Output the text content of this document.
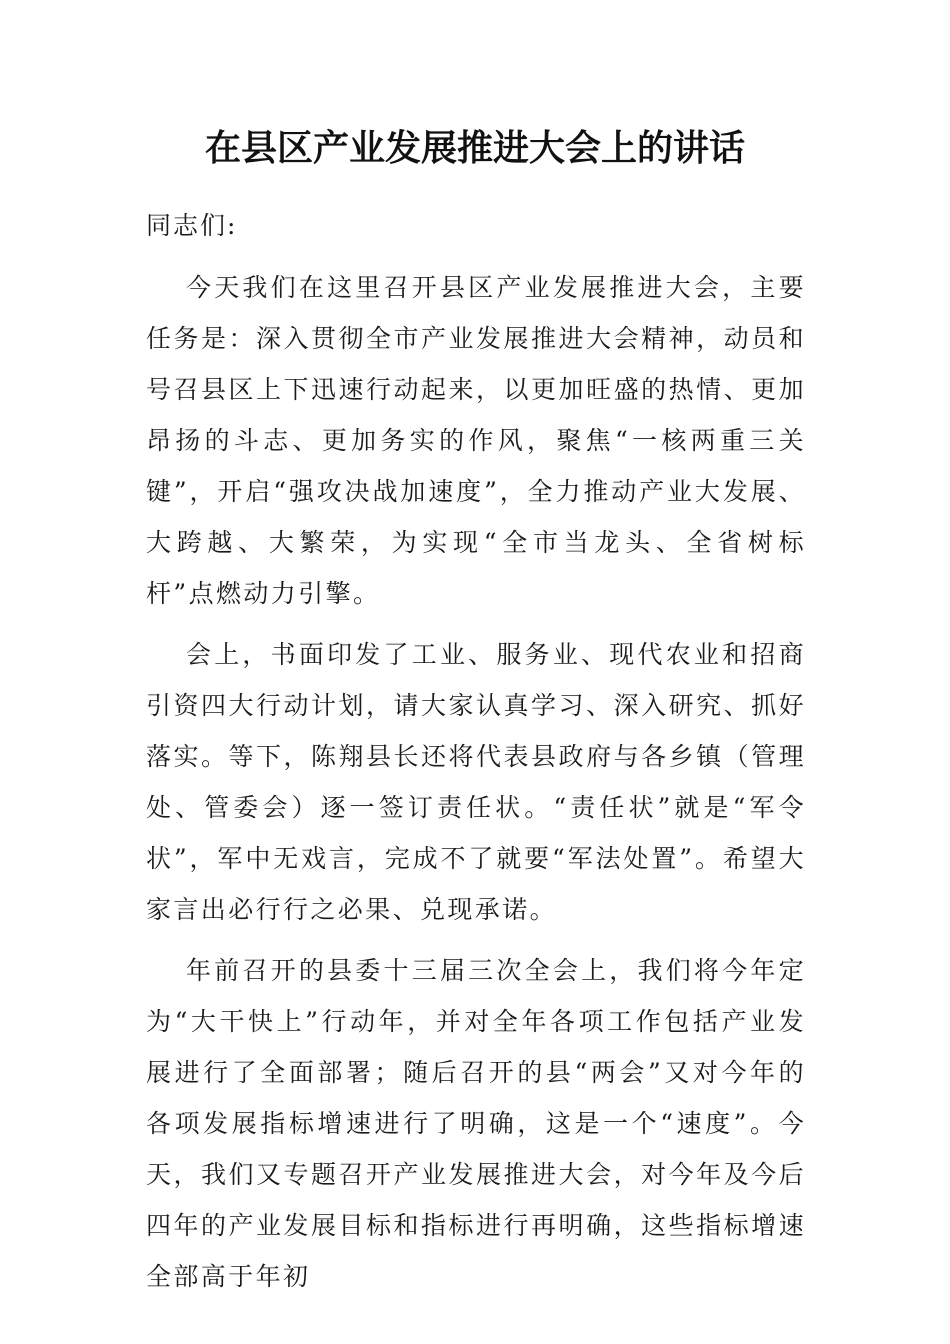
在县区产业发展推进大会上的讲话

同志们:

今天我们在这里召开县区产业发展推进大会，主要任务是：深入贯彻全市产业发展推进大会精神，动员和号召县区上下迅速行动起来，以更加旺盛的热情、更加昂扬的斗志、更加务实的作风，聚焦“一核两重三关键”，开启“强攻决战加速度”，全力推动产业大发展、大跨越、大繁荣，为实现“全市当龙头、全省树标杆”点燃动力引擎。

会上，书面印发了工业、服务业、现代农业和招商引资四大行动计划，请大家认真学习、深入研究、抓好落实。等下，陈翔县长还将代表县政府与各乡镇（管理处、管委会）逐一签订责任状。“责任状”就是“军令状”，军中无戏言，完成不了就要“军法处置”。希望大家言出必行行之必果、兑现承诺。

年前召开的县委十三届三次全会上，我们将今年定为“大干快上”行动年，并对全年各项工作包括产业发展进行了全面部署；随后召开的县“两会”又对今年的各项发展指标增速进行了明确，这是一个“速度”。今天，我们又专题召开产业发展推进大会，对今年及今后四年的产业发展目标和指标进行再明确，这些指标增速全部高于年初
